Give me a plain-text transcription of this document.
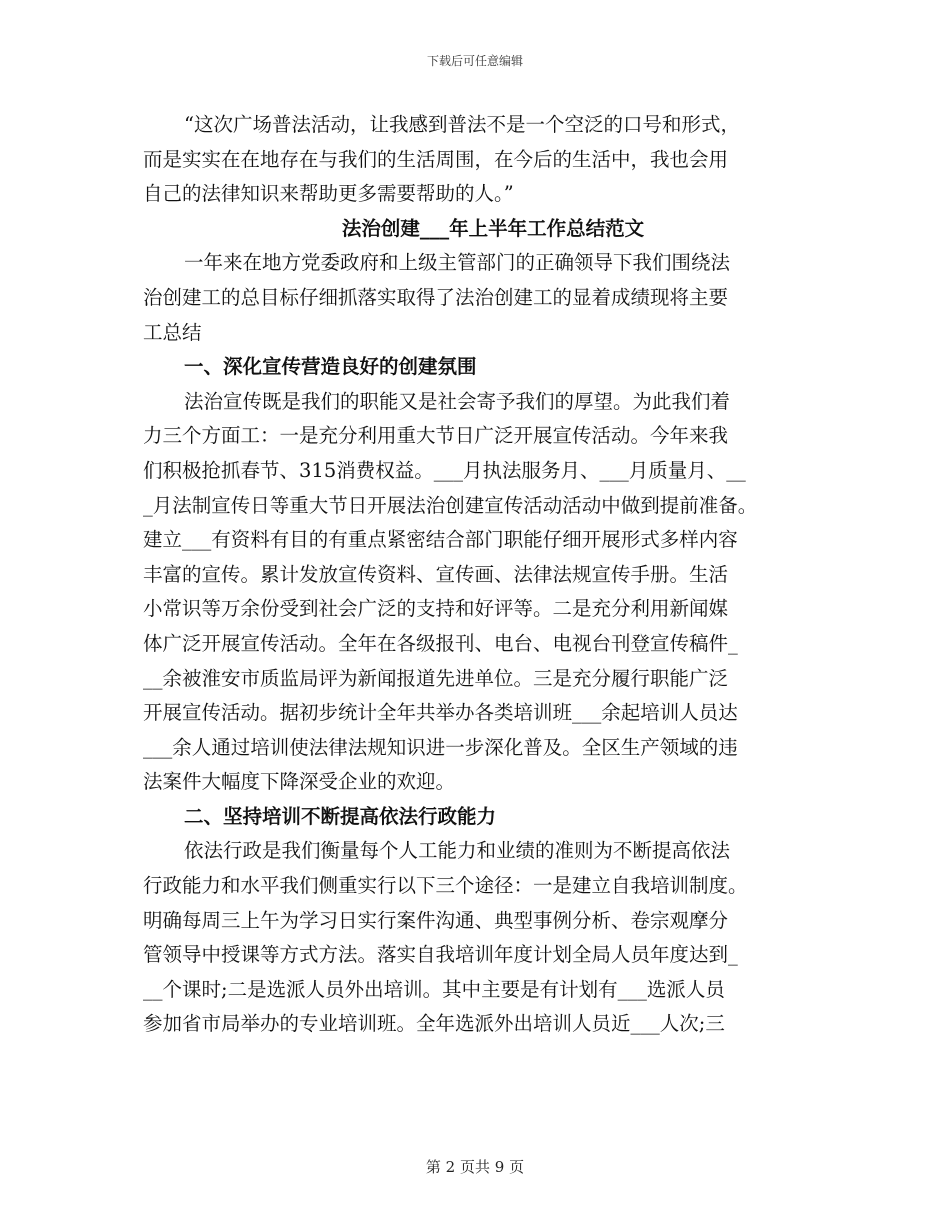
下载后可任意编辑
“这次广场普法活动，让我感到普法不是一个空泛的口号和形式，
而是实实在在地存在与我们的生活周围，在今后的生活中，我也会用
自己的法律知识来帮助更多需要帮助的人。”
法治创建___年上半年工作总结范文
一年来在地方党委政府和上级主管部门的正确领导下我们围绕法
治创建工的总目标仔细抓落实取得了法治创建工的显着成绩现将主要
工总结
一、深化宣传营造良好的创建氛围
法治宣传既是我们的职能又是社会寄予我们的厚望。为此我们着
力三个方面工：一是充分利用重大节日广泛开展宣传活动。今年来我
们积极抢抓春节、315消费权益。___月执法服务月、___月质量月、__
_月法制宣传日等重大节日开展法治创建宣传活动活动中做到提前准备。
建立___有资料有目的有重点紧密结合部门职能仔细开展形式多样内容
丰富的宣传。累计发放宣传资料、宣传画、法律法规宣传手册。生活
小常识等万余份受到社会广泛的支持和好评等。二是充分利用新闻媒
体广泛开展宣传活动。全年在各级报刊、电台、电视台刊登宣传稿件_
__余被淮安市质监局评为新闻报道先进单位。三是充分履行职能广泛
开展宣传活动。据初步统计全年共举办各类培训班___余起培训人员达
___余人通过培训使法律法规知识进一步深化普及。全区生产领域的违
法案件大幅度下降深受企业的欢迎。
二、坚持培训不断提高依法行政能力
依法行政是我们衡量每个人工能力和业绩的准则为不断提高依法
行政能力和水平我们侧重实行以下三个途径：一是建立自我培训制度。
明确每周三上午为学习日实行案件沟通、典型事例分析、卷宗观摩分
管领导中授课等方式方法。落实自我培训年度计划全局人员年度达到_
__个课时;二是选派人员外出培训。其中主要是有计划有___选派人员
参加省市局举办的专业培训班。全年选派外出培训人员近___人次;三
第 2 页共 9 页
